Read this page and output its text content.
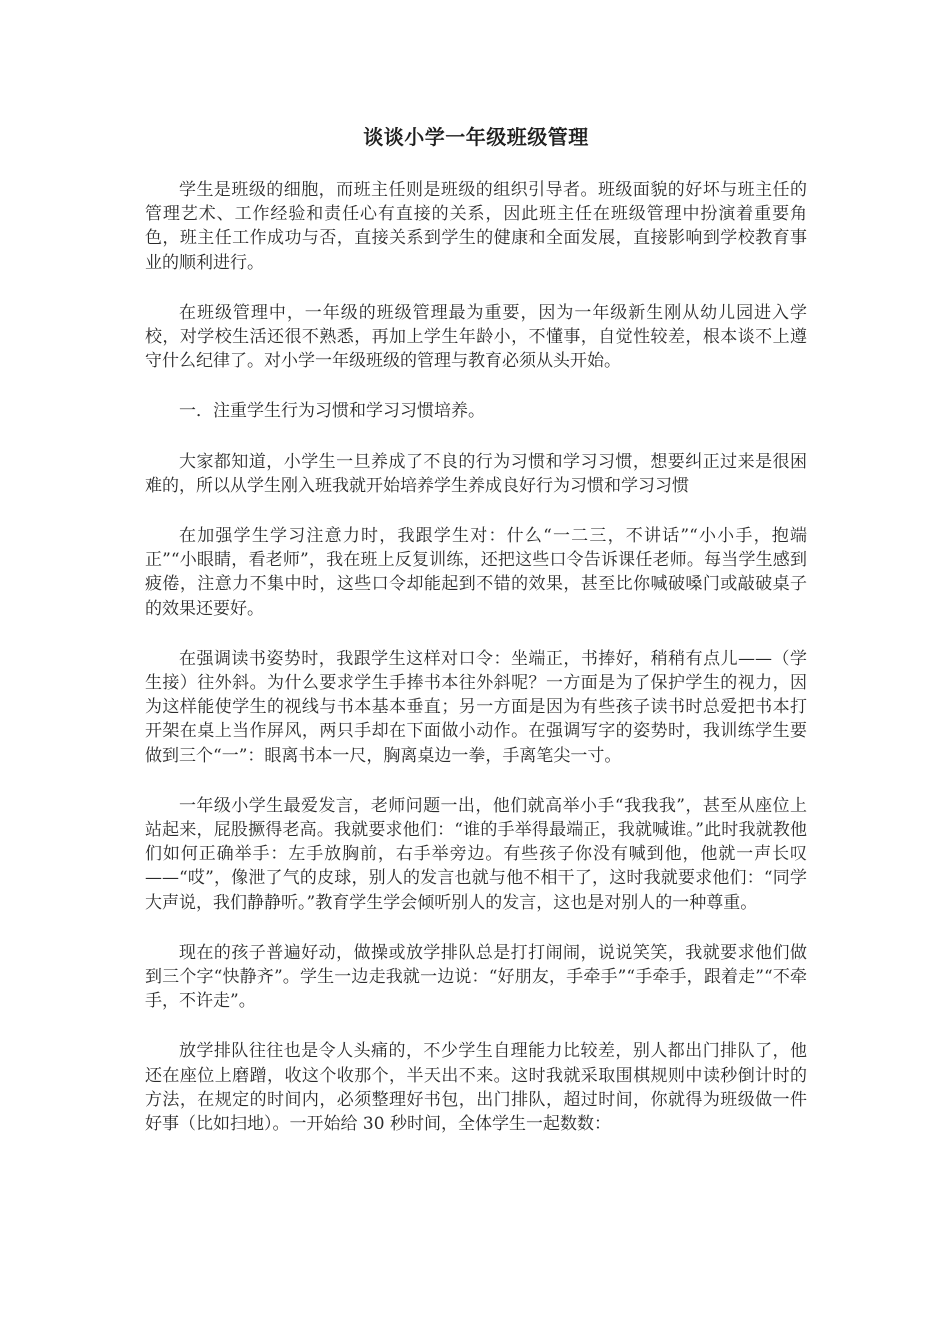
谈谈小学一年级班级管理

学生是班级的细胞，而班主任则是班级的组织引导者。班级面貌的好坏与班主任的管理艺术、工作经验和责任心有直接的关系，因此班主任在班级管理中扮演着重要角色，班主任工作成功与否，直接关系到学生的健康和全面发展，直接影响到学校教育事业的顺利进行。

在班级管理中，一年级的班级管理最为重要，因为一年级新生刚从幼儿园进入学校，对学校生活还很不熟悉，再加上学生年龄小，不懂事，自觉性较差，根本谈不上遵守什么纪律了。对小学一年级班级的管理与教育必须从头开始。

一．注重学生行为习惯和学习习惯培养。

大家都知道，小学生一旦养成了不良的行为习惯和学习习惯，想要纠正过来是很困难的，所以从学生刚入班我就开始培养学生养成良好行为习惯和学习习惯

在加强学生学习注意力时，我跟学生对：什么“一二三，不讲话”“小小手，抱端正”“小眼睛，看老师”，我在班上反复训练，还把这些口令告诉课任老师。每当学生感到疲倦，注意力不集中时，这些口令却能起到不错的效果，甚至比你喊破嗓门或敲破桌子的效果还要好。

在强调读书姿势时，我跟学生这样对口令：坐端正，书捧好，稍稍有点儿——（学生接）往外斜。为什么要求学生手捧书本往外斜呢？一方面是为了保护学生的视力，因为这样能使学生的视线与书本基本垂直；另一方面是因为有些孩子读书时总爱把书本打开架在桌上当作屏风，两只手却在下面做小动作。在强调写字的姿势时，我训练学生要做到三个“一”：眼离书本一尺，胸离桌边一拳，手离笔尖一寸。

一年级小学生最爱发言，老师问题一出，他们就高举小手“我我我”，甚至从座位上站起来，屁股撅得老高。我就要求他们：“谁的手举得最端正，我就喊谁。”此时我就教他们如何正确举手：左手放胸前，右手举旁边。有些孩子你没有喊到他，他就一声长叹——“哎”，像泄了气的皮球，别人的发言也就与他不相干了，这时我就要求他们：“同学大声说，我们静静听。”教育学生学会倾听别人的发言，这也是对别人的一种尊重。

现在的孩子普遍好动，做操或放学排队总是打打闹闹，说说笑笑，我就要求他们做到三个字“快静齐”。学生一边走我就一边说：“好朋友，手牵手”“手牵手，跟着走”“不牵手，不许走”。

放学排队往往也是令人头痛的，不少学生自理能力比较差，别人都出门排队了，他还在座位上磨蹭，收这个收那个，半天出不来。这时我就采取围棋规则中读秒倒计时的方法，在规定的时间内，必须整理好书包，出门排队，超过时间，你就得为班级做一件好事（比如扫地）。一开始给 30 秒时间，全体学生一起数数：
